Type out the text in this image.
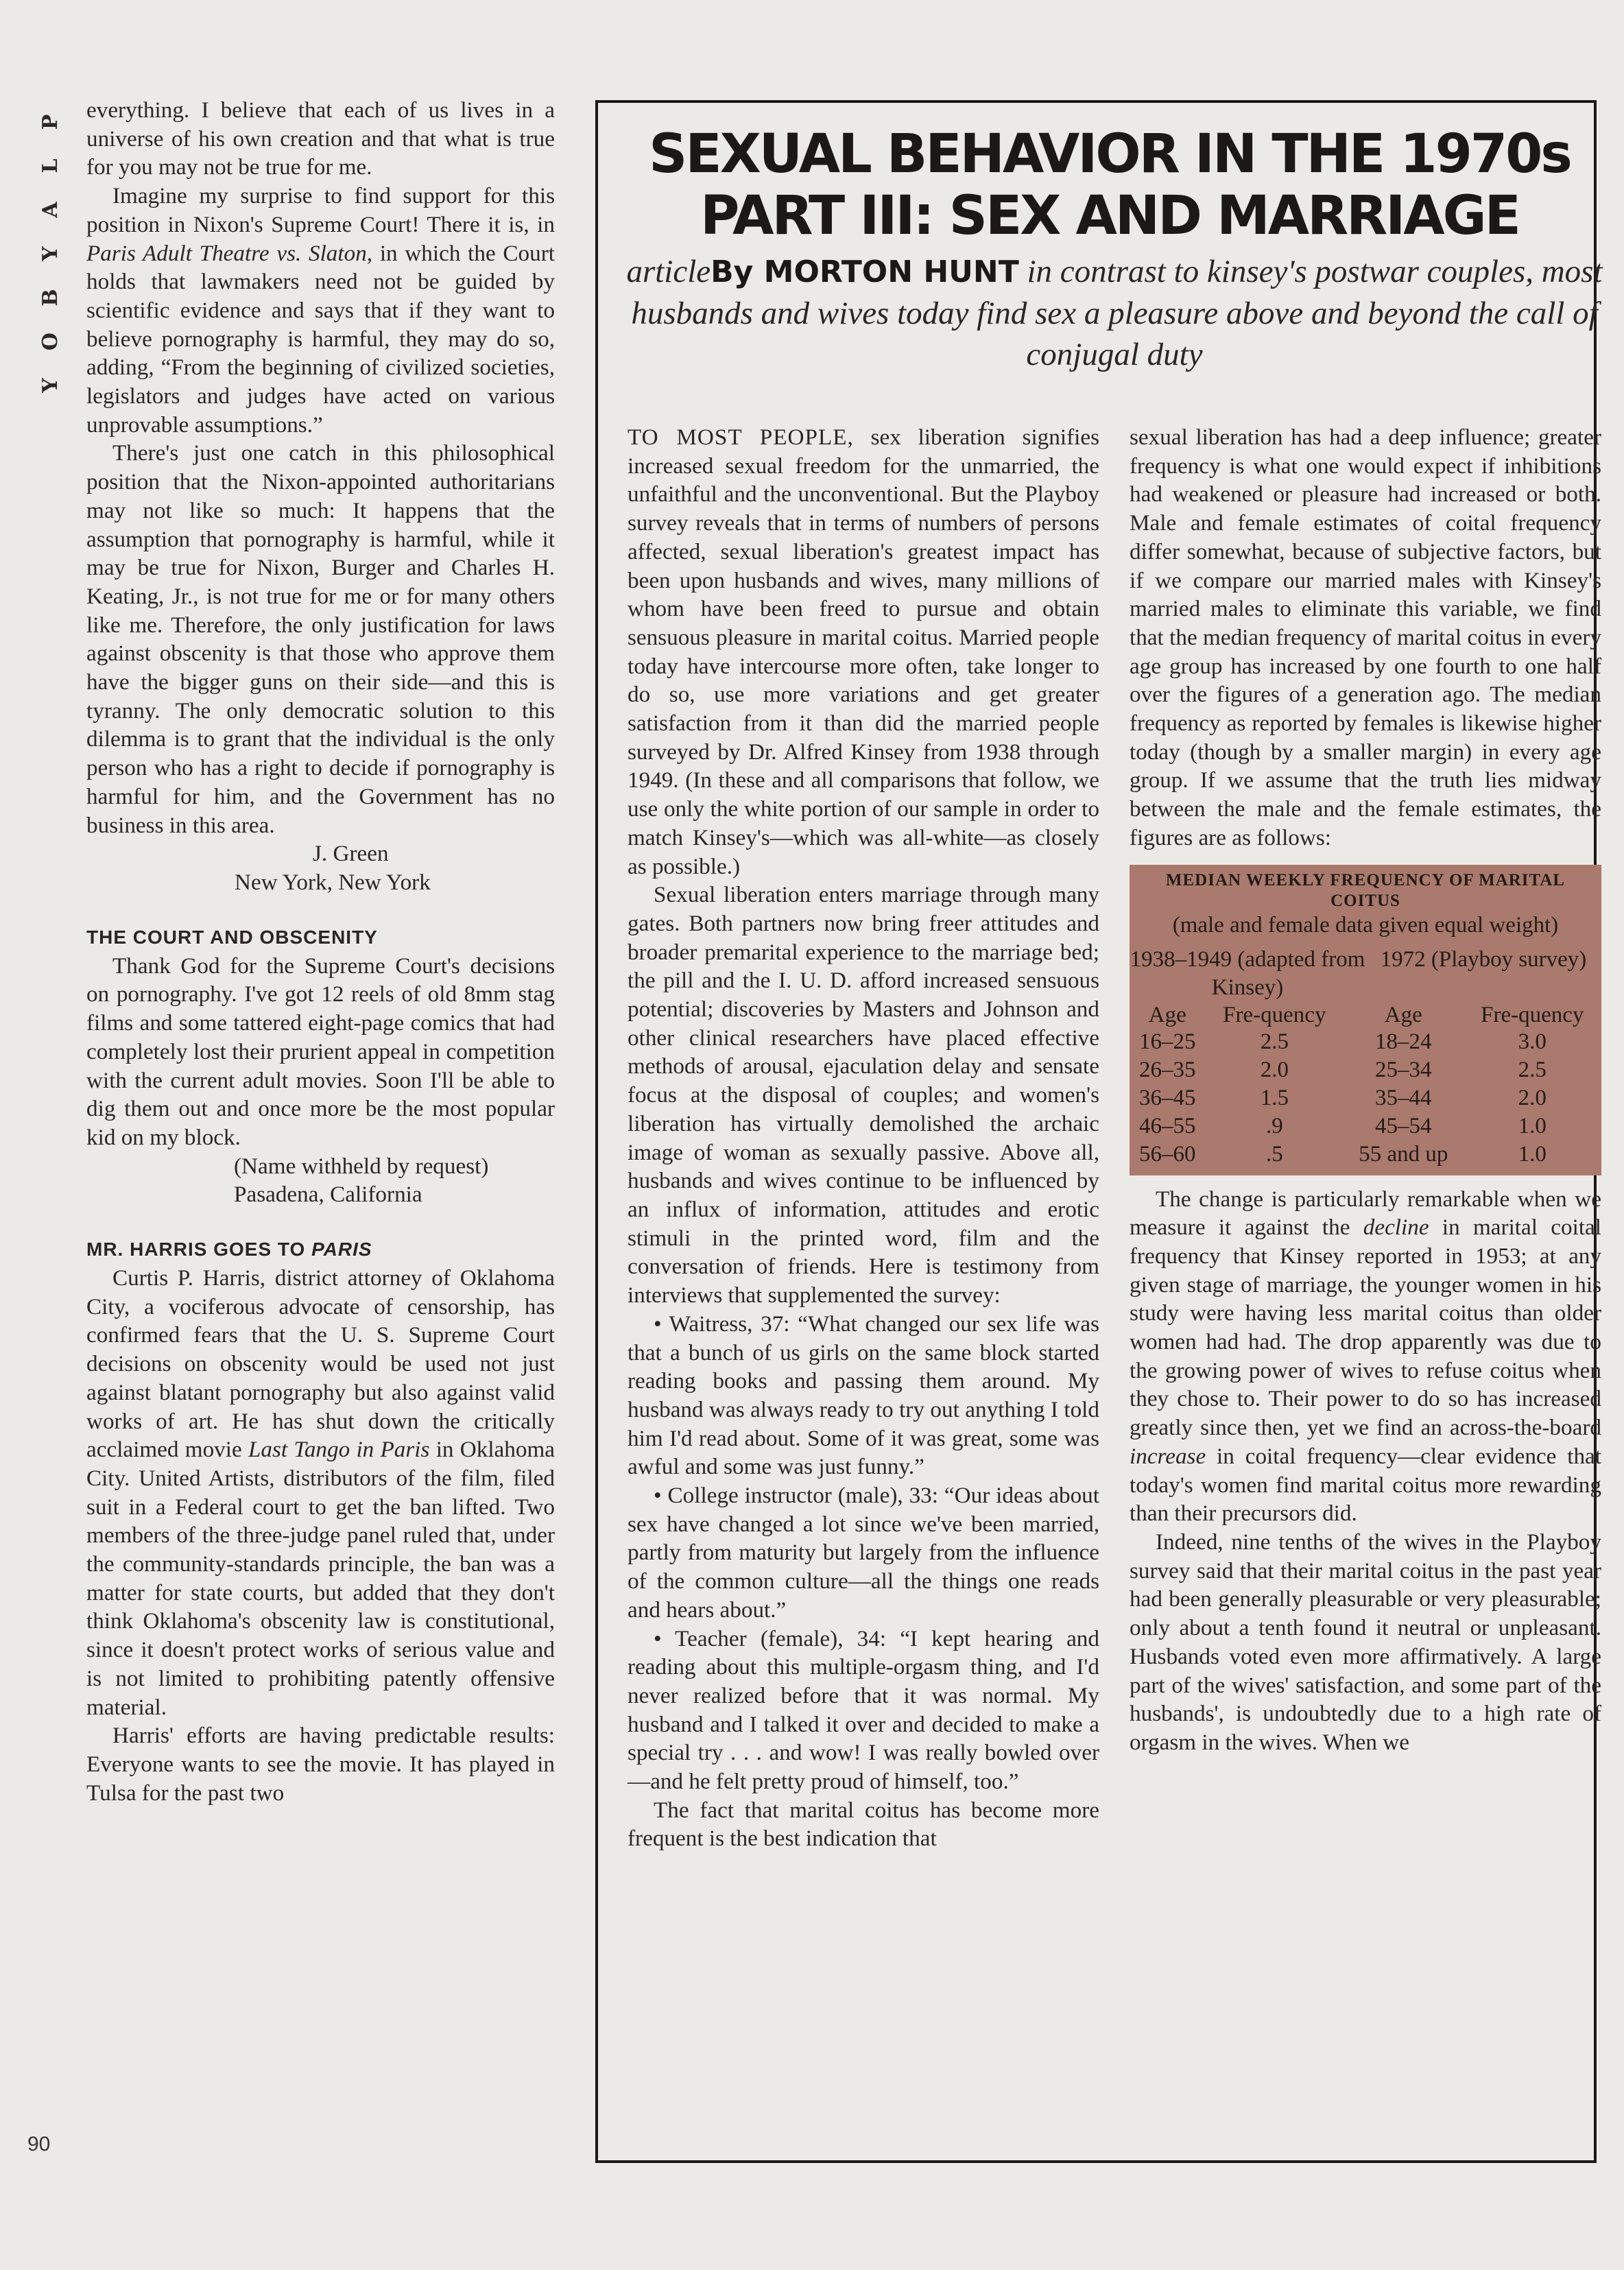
P
L
A
Y
B
O
Y
90

everything. I believe that each of us lives in a universe of his own creation and that what is true for you may not be true for me.

Imagine my surprise to find support for this position in Nixon's Supreme Court! There it is, in Paris Adult Theatre vs. Slaton, in which the Court holds that lawmakers need not be guided by scientific evidence and says that if they want to believe pornography is harmful, they may do so, adding, “From the beginning of civilized societies, legislators and judges have acted on various unprovable assumptions.”

There's just one catch in this philosophical position that the Nixon-appointed authoritarians may not like so much: It happens that the assumption that pornography is harmful, while it may be true for Nixon, Burger and Charles H. Keating, Jr., is not true for me or for many others like me. Therefore, the only justification for laws against obscenity is that those who approve them have the bigger guns on their side—and this is tyranny. The only democratic solution to this dilemma is to grant that the individual is the only person who has a right to decide if pornography is harmful for him, and the Government has no business in this area.

J. Green

New York, New York

THE COURT AND OBSCENITY

Thank God for the Supreme Court's decisions on pornography. I've got 12 reels of old 8mm stag films and some tattered eight-page comics that had completely lost their prurient appeal in competition with the current adult movies. Soon I'll be able to dig them out and once more be the most popular kid on my block.

(Name withheld by request)

Pasadena, California

MR. HARRIS GOES TO PARIS

Curtis P. Harris, district attorney of Oklahoma City, a vociferous advocate of censorship, has confirmed fears that the U. S. Supreme Court decisions on obscenity would be used not just against blatant pornography but also against valid works of art. He has shut down the critically acclaimed movie Last Tango in Paris in Oklahoma City. United Artists, distributors of the film, filed suit in a Federal court to get the ban lifted. Two members of the three-judge panel ruled that, under the community-standards principle, the ban was a matter for state courts, but added that they don't think Oklahoma's obscenity law is constitutional, since it doesn't protect works of serious value and is not limited to prohibiting patently offensive material.

Harris' efforts are having predictable results: Everyone wants to see the movie. It has played in Tulsa for the past two

SEXUAL BEHAVIOR IN THE 1970s
PART III: SEX AND MARRIAGE
articleBy MORTON HUNT in contrast to kinsey's postwar couples, most husbands and wives today find sex a pleasure above and beyond the call of conjugal duty

TO MOST PEOPLE, sex liberation signifies increased sexual freedom for the unmarried, the unfaithful and the unconventional. But the Playboy survey reveals that in terms of numbers of persons affected, sexual liberation's greatest impact has been upon husbands and wives, many millions of whom have been freed to pursue and obtain sensuous pleasure in marital coitus. Married people today have intercourse more often, take longer to do so, use more variations and get greater satisfaction from it than did the married people surveyed by Dr. Alfred Kinsey from 1938 through 1949. (In these and all comparisons that follow, we use only the white portion of our sample in order to match Kinsey's—which was all-white—as closely as possible.)

Sexual liberation enters marriage through many gates. Both partners now bring freer attitudes and broader premarital experience to the marriage bed; the pill and the I. U. D. afford increased sensuous potential; discoveries by Masters and Johnson and other clinical researchers have placed effective methods of arousal, ejaculation delay and sensate focus at the disposal of couples; and women's liberation has virtually demolished the archaic image of woman as sexually passive. Above all, husbands and wives continue to be influenced by an influx of information, attitudes and erotic stimuli in the printed word, film and the conversation of friends. Here is testimony from interviews that supplemented the survey:

• Waitress, 37: “What changed our sex life was that a bunch of us girls on the same block started reading books and passing them around. My husband was always ready to try out anything I told him I'd read about. Some of it was great, some was awful and some was just funny.”

• College instructor (male), 33: “Our ideas about sex have changed a lot since we've been married, partly from maturity but largely from the influence of the common culture—all the things one reads and hears about.”

• Teacher (female), 34: “I kept hearing and reading about this multiple-orgasm thing, and I'd never realized before that it was normal. My husband and I talked it over and decided to make a special try . . . and wow! I was really bowled over—and he felt pretty proud of himself, too.”

The fact that marital coitus has become more frequent is the best indication that

sexual liberation has had a deep influence; greater frequency is what one would expect if inhibitions had weakened or pleasure had increased or both. Male and female estimates of coital frequency differ somewhat, because of subjective factors, but if we compare our married males with Kinsey's married males to eliminate this variable, we find that the median frequency of marital coitus in every age group has increased by one fourth to one half over the figures of a generation ago. The median frequency as reported by females is likewise higher today (though by a smaller margin) in every age group. If we assume that the truth lies midway between the male and the female estimates, the figures are as follows:

MEDIAN WEEKLY FREQUENCY OF MARITAL COITUS
(male and female data given equal weight)
1938–1949 (adapted from Kinsey)
1972 (Playboy survey)
Age	Fre-quency	Age	Fre-quency
16–25	2.5	18–24	3.0
26–35	2.0	25–34	2.5
36–45	1.5	35–44	2.0
46–55	.9	45–54	1.0
56–60	.5	55 and up	1.0

The change is particularly remarkable when we measure it against the decline in marital coital frequency that Kinsey reported in 1953; at any given stage of marriage, the younger women in his study were having less marital coitus than older women had had. The drop apparently was due to the growing power of wives to refuse coitus when they chose to. Their power to do so has increased greatly since then, yet we find an across-the-board increase in coital frequency—clear evidence that today's women find marital coitus more rewarding than their precursors did.

Indeed, nine tenths of the wives in the Playboy survey said that their marital coitus in the past year had been generally pleasurable or very pleasurable; only about a tenth found it neutral or unpleasant. Husbands voted even more affirmatively. A large part of the wives' satisfaction, and some part of the husbands', is undoubtedly due to a high rate of orgasm in the wives. When we
